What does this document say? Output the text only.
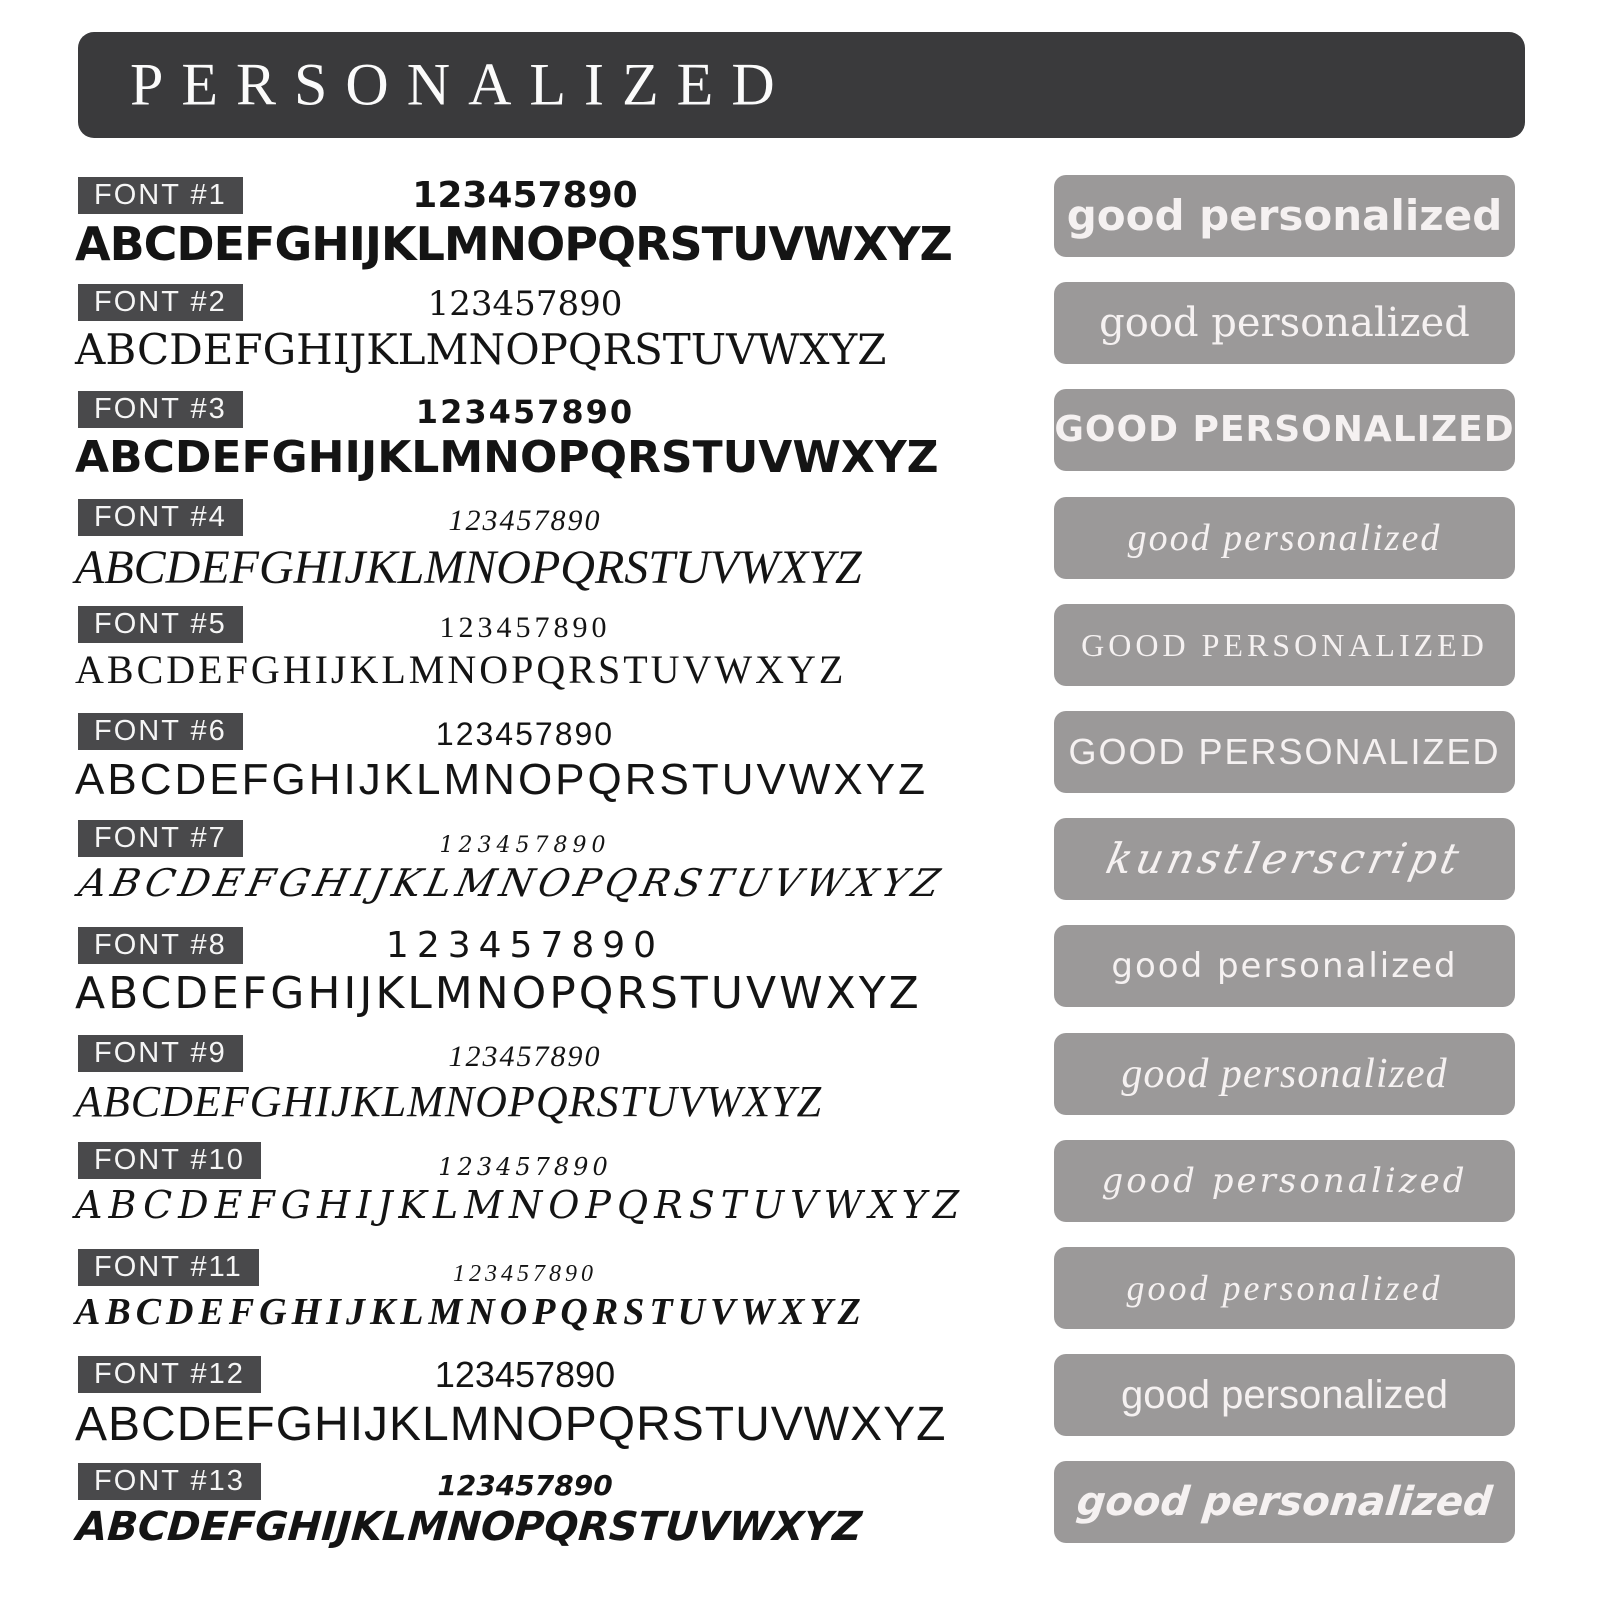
PERSONALIZED
FONT #1	123457890
ABCDEFGHIJKLMNOPQRSTUVWXYZ
FONT #2	123457890
ABCDEFGHIJKLMNOPQRSTUVWXYZ
FONT #3	123457890
ABCDEFGHIJKLMNOPQRSTUVWXYZ
FONT #4	123457890
ABCDEFGHIJKLMNOPQRSTUVWXYZ
FONT #5	123457890
ABCDEFGHIJKLMNOPQRSTUVWXYZ
FONT #6	123457890
ABCDEFGHIJKLMNOPQRSTUVWXYZ
FONT #7	123457890
ABCDEFGHIJKLMNOPQRSTUVWXYZ
FONT #8	123457890
ABCDEFGHIJKLMNOPQRSTUVWXYZ
FONT #9	123457890
ABCDEFGHIJKLMNOPQRSTUVWXYZ
FONT #10	123457890
ABCDEFGHIJKLMNOPQRSTUVWXYZ
FONT #11	123457890
ABCDEFGHIJKLMNOPQRSTUVWXYZ
FONT #12	123457890
ABCDEFGHIJKLMNOPQRSTUVWXYZ
FONT #13	123457890
ABCDEFGHIJKLMNOPQRSTUVWXYZ
good personalized
good personalized
GOOD PERSONALIZED
good personalized
GOOD PERSONALIZED
GOOD PERSONALIZED
kunstlerscript
good personalized
good personalized
good personalized
good personalized
good personalized
good personalized
